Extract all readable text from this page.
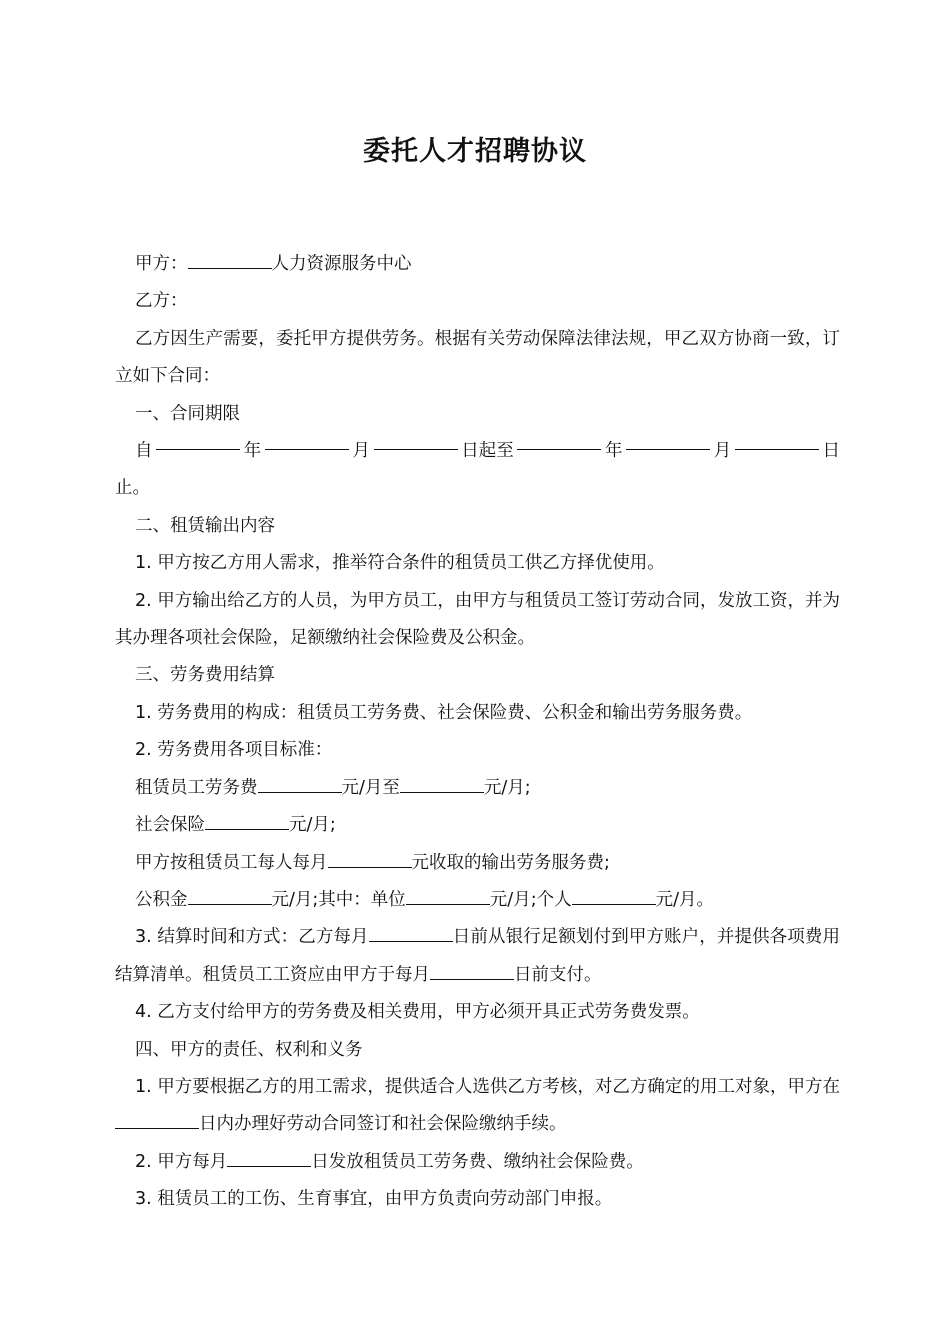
委托人才招聘协议

甲方：	人力资源服务中心

乙方：

乙方因生产需要，委托甲方提供劳务。根据有关劳动保障法律法规，甲乙双方协商一致，订立如下合同：

一、合同期限

自	年	月	日起至	年	月	日

止。

二、租赁输出内容

1. 甲方按乙方用人需求，推举符合条件的租赁员工供乙方择优使用。

2. 甲方输出给乙方的人员，为甲方员工，由甲方与租赁员工签订劳动合同，发放工资，并为其办理各项社会保险，足额缴纳社会保险费及公积金。

三、劳务费用结算

1. 劳务费用的构成：租赁员工劳务费、社会保险费、公积金和输出劳务服务费。

2. 劳务费用各项目标准：

租赁员工劳务费	元/月至	元/月;

社会保险	元/月;

甲方按租赁员工每人每月	元收取的输出劳务服务费;

公积金	元/月;其中：单位	元/月;个人	元/月。

3. 结算时间和方式：乙方每月	日前从银行足额划付到甲方账户，并提供各项费用结算清单。租赁员工工资应由甲方于每月	日前支付。

4. 乙方支付给甲方的劳务费及相关费用，甲方必须开具正式劳务费发票。

四、甲方的责任、权利和义务

1. 甲方要根据乙方的用工需求，提供适合人选供乙方考核，对乙方确定的用工对象，甲方在日内办理好劳动合同签订和社会保险缴纳手续。

2. 甲方每月	日发放租赁员工劳务费、缴纳社会保险费。

3. 租赁员工的工伤、生育事宜，由甲方负责向劳动部门申报。
